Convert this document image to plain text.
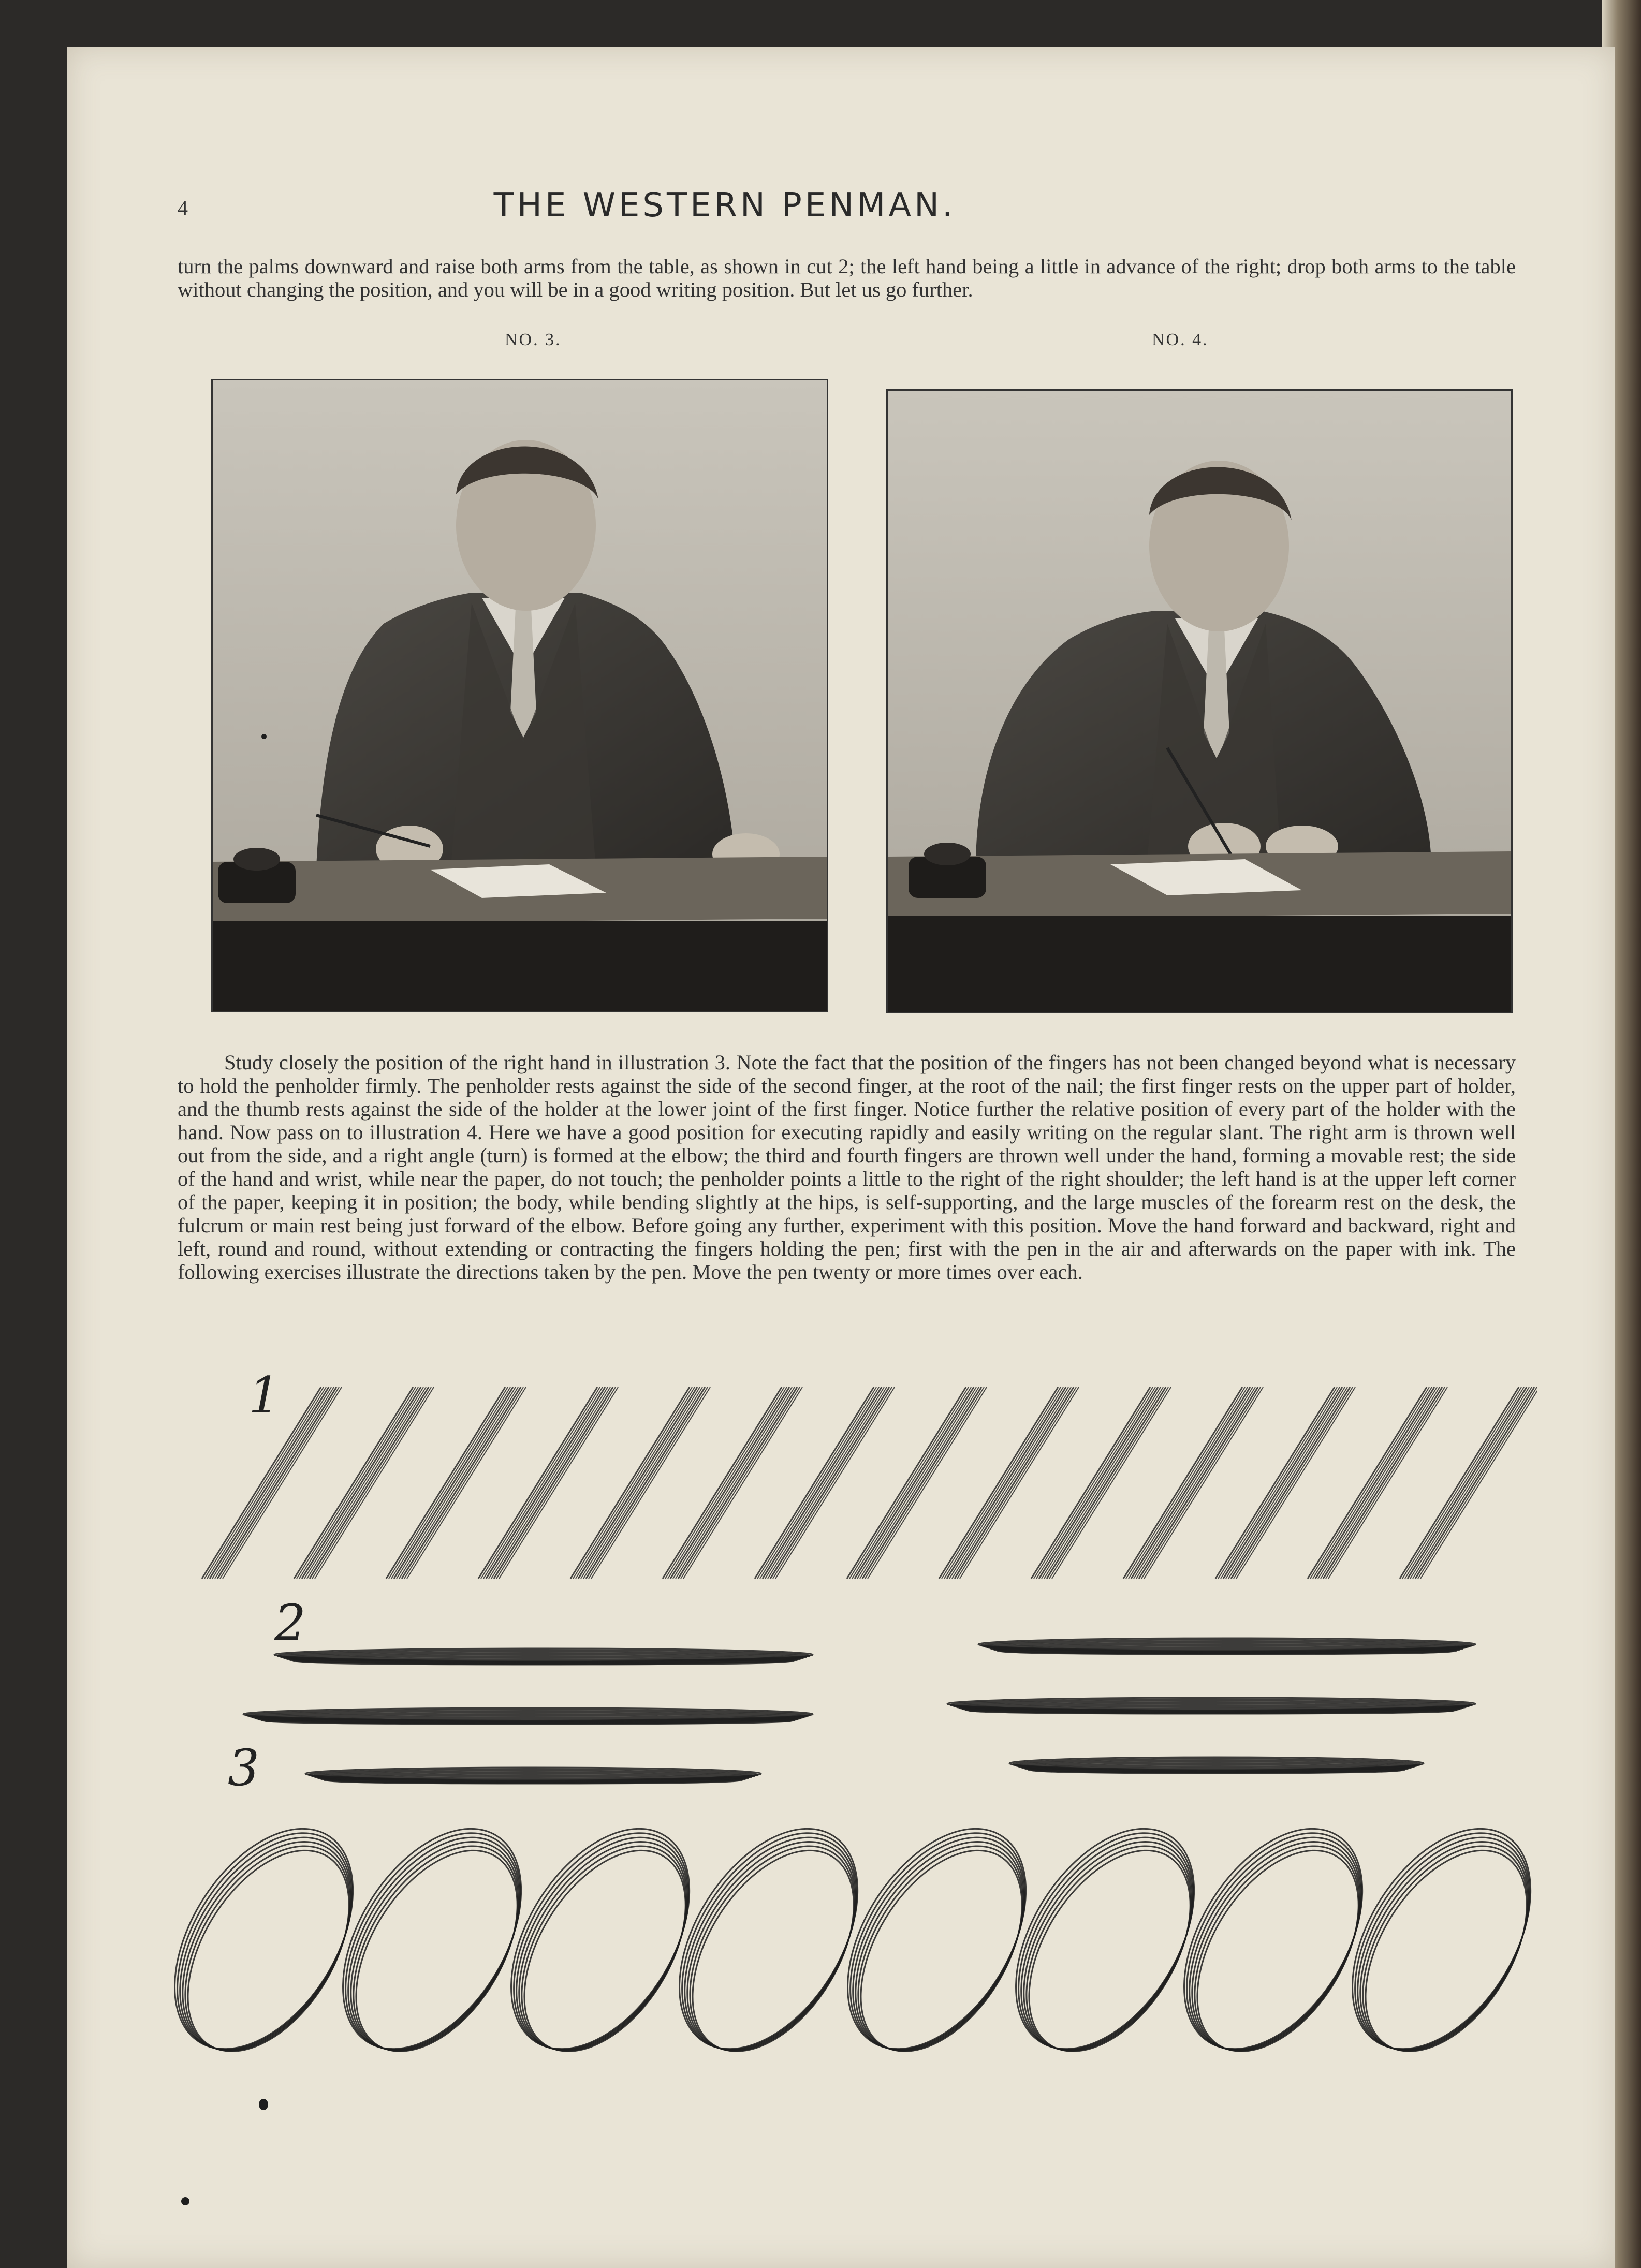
4	THE WESTERN PENMAN.

turn the palms downward and raise both arms from the table, as shown in cut 2; the left hand being a little in advance of the right; drop both arms to the table without changing the position, and you will be in a good writing position. But let us go further.

NO. 3.	NO. 4.

Study closely the position of the right hand in illustration 3. Note the fact that the position of the fingers has not been changed beyond what is necessary to hold the penholder firmly. The penholder rests against the side of the second finger, at the root of the nail; the first finger rests on the upper part of holder, and the thumb rests against the side of the holder at the lower joint of the first finger. Notice further the relative position of every part of the holder with the hand. Now pass on to illustration 4. Here we have a good position for executing rapidly and easily writing on the regular slant. The right arm is thrown well out from the side, and a right angle (turn) is formed at the elbow; the third and fourth fingers are thrown well under the hand, forming a movable rest; the side of the hand and wrist, while near the paper, do not touch; the penholder points a little to the right of the right shoulder; the left hand is at the upper left corner of the paper, keeping it in position; the body, while bending slightly at the hips, is self-supporting, and the large muscles of the forearm rest on the desk, the fulcrum or main rest being just forward of the elbow. Before going any further, experiment with this position. Move the hand forward and backward, right and left, round and round, without extending or contracting the fingers holding the pen; first with the pen in the air and afterwards on the paper with ink. The following exercises illustrate the directions taken by the pen. Move the pen twenty or more times over each.

1
2
3
